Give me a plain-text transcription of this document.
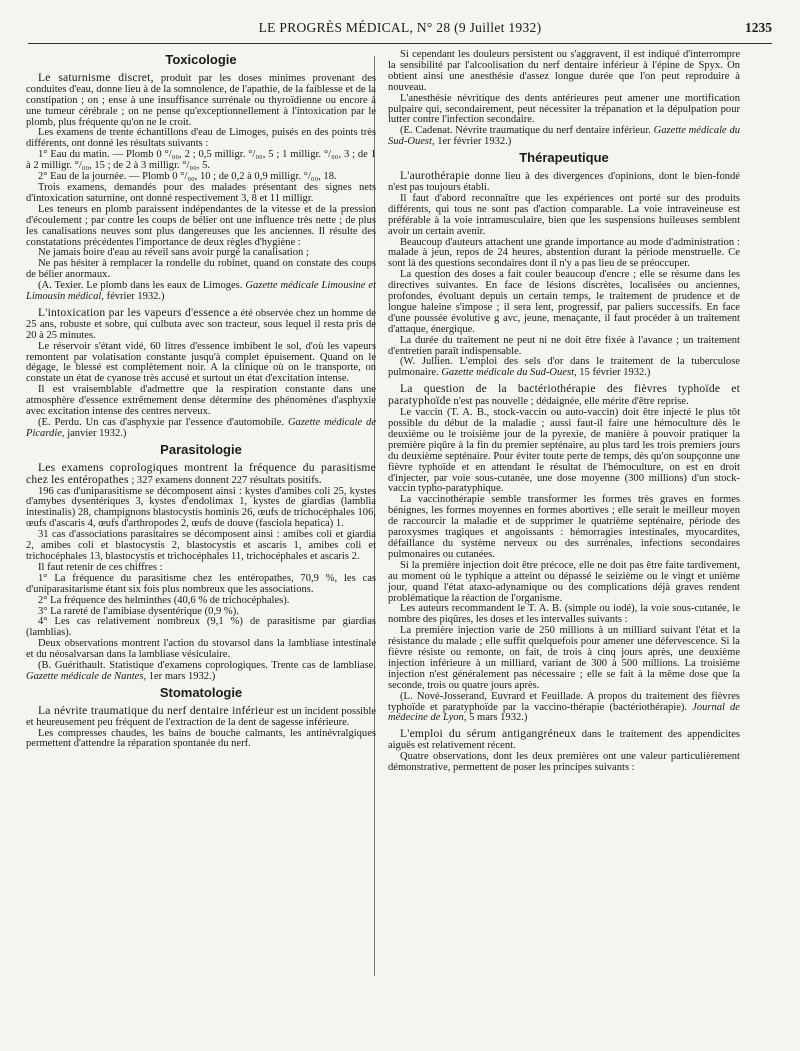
LE PROGRÈS MÉDICAL, N° 28 (9 Juillet 1932)	1235
Toxicologie

Le saturnisme discret, produit par les doses minimes provenant des conduites d'eau, donne lieu à de la somnolence, de l'apathie, de la faiblesse et de la constipation ; on ; ense à une insuffisance surrénale ou thyroïdienne ou encore à une tumeur cérébrale ; on ne pense qu'exceptionnellement à l'intoxication par le plomb, plus fréquente qu'on ne le croit.

Les examens de trente échantillons d'eau de Limoges, puisés en des points très différents, ont donné les résultats suivants :

1° Eau du matin. — Plomb 0 °/₀₀, 2 ; 0,5 milligr. °/₀₀, 5 ; 1 milligr. °/₀₀, 3 ; de 1 à 2 milligr. °/₀₀, 15 ; de 2 à 3 milligr. °/₀₀, 5.

2° Eau de la journée. — Plomb 0 °/₀₀, 10 ; de 0,2 à 0,9 milligr. °/₀₀, 18.

Trois examens, demandés pour des malades présentant des signes nets d'intoxication saturnine, ont donné respectivement 3, 8 et 11 milligr.

Les teneurs en plomb paraissent indépendantes de la vitesse et de la pression d'écoulement ; par contre les coups de bélier ont une influence très nette ; de plus les canalisations neuves sont plus dangereuses que les anciennes. Il résulte des constatations précédentes l'importance de deux règles d'hygiène :

Ne jamais boire d'eau au réveil sans avoir purgé la canalisation ;

Ne pas hésiter à remplacer la rondelle du robinet, quand on constate des coups de bélier anormaux.

(A. Texier. Le plomb dans les eaux de Limoges. Gazette médicale Limousine et Limousin médical, février 1932.)

L'intoxication par les vapeurs d'essence a été observée chez un homme de 25 ans, robuste et sobre, qui culbuta avec son tracteur, sous lequel il resta pris de 20 à 25 minutes.

Le réservoir s'étant vidé, 60 litres d'essence imbibent le sol, d'où les vapeurs remontent par volatisation constante jusqu'à complet épuisement. Quand on le dégage, le blessé est complètement noir. A la clinique où on le transporte, on constate un état de cyanose très accusé et surtout un état d'excitation intense.

Il est vraisemblable d'admettre que la respiration constante dans une atmosphère d'essence extrêmement dense détermine des phénomènes d'asphyxie avec excitation intense des centres nerveux.

(E. Perdu. Un cas d'asphyxie par l'essence d'automobile. Gazette médicale de Picardie, janvier 1932.)

Parasitologie

Les examens coprologiques montrent la fréquence du parasitisme chez les entéropathes ; 327 examens donnent 227 résultats positifs.

196 cas d'uniparasitisme se décomposent ainsi : kystes d'amibes coli 25, kystes d'amybes dysentériques 3, kystes d'endolimax 1, kystes de giardias (lamblia intestinalis) 28, champignons blastocystis hominis 26, œufs de trichocéphales 106, œufs d'ascaris 4, œufs d'arthropodes 2, œufs de douve (fasciola hepatica) 1.

31 cas d'associations parasitaires se décomposent ainsi : amibes coli et giardia 2, amibes coli et blastocystis 2, blastocystis et ascaris 1, amibes coli et trichocéphales 13, blastocystis et trichocéphales 11, trichocéphales et ascaris 2.

Il faut retenir de ces chiffres :

1° La fréquence du parasitisme chez les entéropathes, 70,9 %, les cas d'uniparasitarisme étant six fois plus nombreux que les associations.

2° La fréquence des helminthes (40,6 % de trichocéphales).

3° La rareté de l'amibiase dysentérique (0,9 %).

4° Les cas relativement nombreux (9,1 %) de parasitisme par giardias (lamblias).

Deux observations montrent l'action du stovarsol dans la lambliase intestinale et du néosalvarsan dans la lambliase vésiculaire.

(B. Guérithault. Statistique d'examens coprologiques. Trente cas de lambliase. Gazette médicale de Nantes, 1er mars 1932.)

Stomatologie

La névrite traumatique du nerf dentaire inférieur est un incident possible et heureusement peu fréquent de l'extraction de la dent de sagesse inférieure.

Les compresses chaudes, les bains de bouche calmants, les antinévralgiques permettent d'attendre la réparation spontanée du nerf.

Si cependant les douleurs persistent ou s'aggravent, il est indiqué d'interrompre la sensibilité par l'alcoolisation du nerf dentaire inférieur à l'épine de Spyx. On obtient ainsi une anesthésie d'assez longue durée que l'on peut reproduire à nouveau.

L'anesthésie névritique des dents antérieures peut amener une mortification pulpaire qui, secondairement, peut nécessiter la trépanation et la dépulpation pour lutter contre l'infection secondaire.

(E. Cadenat. Névrite traumatique du nerf dentaire inférieur. Gazette médicale du Sud-Ouest, 1er février 1932.)

Thérapeutique

L'aurothérapie donne lieu à des divergences d'opinions, dont le bien-fondé n'est pas toujours établi.

Il faut d'abord reconnaître que les expériences ont porté sur des produits différents, qui tous ne sont pas d'action comparable. La voie intraveineuse est préférable à la voie intramusculaire, bien que les suspensions huileuses semblent avoir un certain avenir.

Beaucoup d'auteurs attachent une grande importance au mode d'administration : malade à jeun, repos de 24 heures, abstention durant la période menstruelle. Ce sont là des questions secondaires dont il n'y a pas lieu de se préoccuper.

La question des doses a fait couler beaucoup d'encre ; elle se résume dans les directives suivantes. En face de lésions discrètes, localisées ou anciennes, profondes, évoluant depuis un certain temps, le traitement de prudence et de longue haleine s'impose ; il sera lent, progressif, par paliers successifs. En face d'une poussée évolutive g avc, jeune, menaçante, il faut procéder à un traitement d'attaque, énergique.

La durée du traitement ne peut ni ne doit être fixée à l'avance ; un traitement d'entretien paraît indispensable.

(W. Jullien. L'emploi des sels d'or dans le traitement de la tuberculose pulmonaire. Gazette médicale du Sud-Ouest, 15 février 1932.)

La question de la bactériothérapie des fièvres typhoïde et paratyphoïde n'est pas nouvelle ; dédaignée, elle mérite d'être reprise.

Le vaccin (T. A. B., stock-vaccin ou auto-vaccin) doit être injecté le plus tôt possible du début de la maladie ; aussi faut-il faire une hémoculture dès le deuxième ou le troisième jour de la pyrexie, de manière à pouvoir pratiquer la première piqûre à la fin du premier septénaire, au plus tard les trois premiers jours du deuxième septénaire. Pour éviter toute perte de temps, dès qu'on soupçonne une fièvre typhoïde et en attendant le résultat de l'hémoculture, on est en droit d'injecter, par voie sous-cutanée, une dose moyenne (300 millions) d'un stock-vaccin typho-paratyphique.

La vaccinothérapie semble transformer les formes très graves en formes bénignes, les formes moyennes en formes abortives ; elle serait le meilleur moyen de raccourcir la maladie et de supprimer le quatrième septénaire, période des paroxysmes tragiques et angoissants : hémorragies intestinales, myocardites, défaillance du système nerveux ou des surrénales, infections secondaires pulmonaires ou cutanées.

Si la première injection doit être précoce, elle ne doit pas être faite tardivement, au moment où le typhique a atteint ou dépassé le seizième ou le vingt et unième jour, quand l'état ataxo-adynamique ou des complications déjà graves rendent problématique la réaction de l'organisme.

Les auteurs recommandent le T. A. B. (simple ou iodé), la voie sous-cutanée, le nombre des piqûres, les doses et les intervalles suivants :

La première injection varie de 250 millions à un milliard suivant l'état et la résistance du malade ; elle suffit quelquefois pour amener une défervescence. Si la fièvre résiste ou remonte, on fait, de trois à cinq jours après, une deuxième injection inférieure à un milliard, variant de 300 à 500 millions. La troisième injection n'est généralement pas nécessaire ; elle se fait à la même dose que la seconde, trois ou quatre jours après.

(L. Nové-Josserand, Euvrard et Feuillade. A propos du traitement des fièvres typhoïde et paratyphoïde par la vaccino-thérapie (bactériothérapie). Journal de médecine de Lyon, 5 mars 1932.)

L'emploi du sérum antigangréneux dans le traitement des appendicites aiguës est relativement récent.

Quatre observations, dont les deux premières ont une valeur particulièrement démonstrative, permettent de poser les principes suivants :
